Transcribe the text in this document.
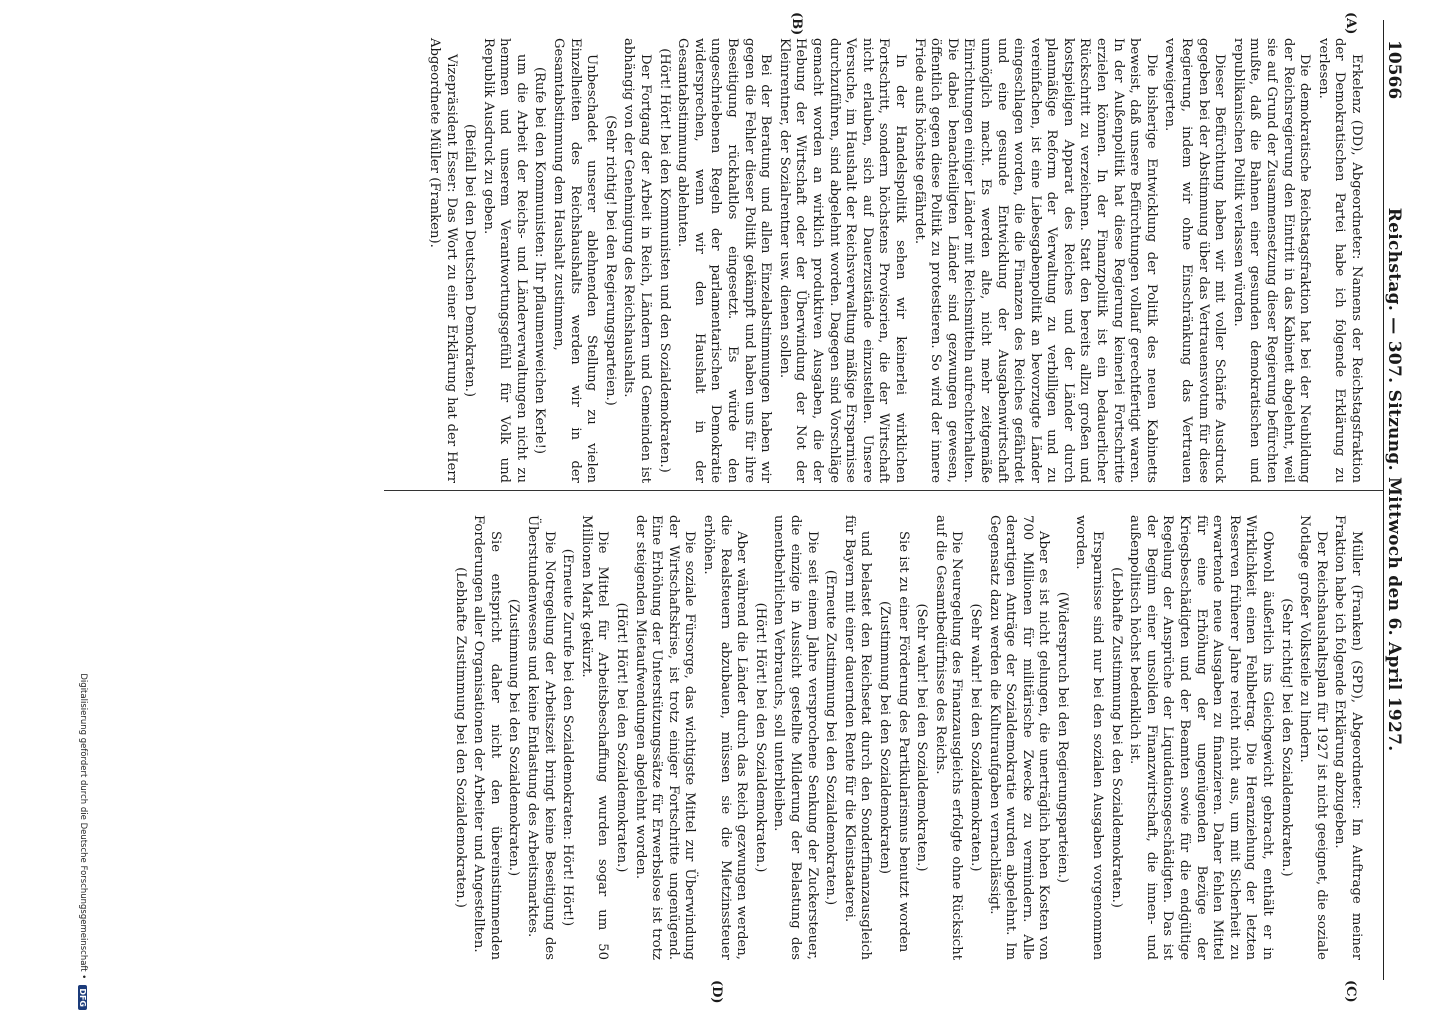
10566
Reichstag. — 307. Sitzung. Mittwoch den 6. April 1927.
(A)
(B)
(C)
(D)

Erkelenz (DD), Abgeordneter: Namens der Reichstagsfraktion der Demokratischen Partei habe ich folgende Erklärung zu verlesen.

Die demokratische Reichstagsfraktion hat bei der Neubildung der Reichsregierung den Eintritt in das Kabinett abgelehnt, weil sie auf Grund der Zusammensetzung dieser Regierung befürchten mußte, daß die Bahnen einer gesunden demokratischen und republikanischen Politik verlassen würden.

Dieser Befürchtung haben wir mit voller Schärfe Ausdruck gegeben bei der Abstimmung über das Vertrauensvotum für diese Regierung, indem wir ohne Einschränkung das Vertrauen verweigerten.

Die bisherige Entwicklung der Politik des neuen Kabinetts beweist, daß unsere Befürchtungen vollauf gerechtfertigt waren. In der Außenpolitik hat diese Regierung keinerlei Fortschritte erzielen können. In der Finanzpolitik ist ein bedauerlicher Rückschritt zu verzeichnen. Statt den bereits allzu großen und kostspieligen Apparat des Reiches und der Länder durch planmäßige Reform der Verwaltung zu verbilligen und zu vereinfachen, ist eine Liebesgabenpolitik an bevorzugte Länder eingeschlagen worden, die die Finanzen des Reiches gefährdet und eine gesunde Entwicklung der Ausgabenwirtschaft unmöglich macht. Es werden alte, nicht mehr zeitgemäße Einrichtungen einiger Länder mit Reichsmitteln aufrechterhalten. Die dabei benachteiligten Länder sind gezwungen gewesen, öffentlich gegen diese Politik zu protestieren. So wird der innere Friede aufs höchste gefährdet.

In der Handelspolitik sehen wir keinerlei wirklichen Fortschritt, sondern höchstens Provisorien, die der Wirtschaft nicht erlauben, sich auf Dauerzustände einzustellen. Unsere Versuche, im Haushalt der Reichsverwaltung mäßige Ersparnisse durchzuführen, sind abgelehnt worden. Dagegen sind Vorschläge gemacht worden an wirklich produktiven Ausgaben, die der Hebung der Wirtschaft oder der Überwindung der Not der Kleinrentner, der Sozialrentner usw. dienen sollen.

Bei der Beratung und allen Einzelabstimmungen haben wir gegen die Fehler dieser Politik gekämpft und haben uns für ihre Beseitigung rückhaltlos eingesetzt. Es würde den ungeschriebenen Regeln der parlamentarischen Demokratie widersprechen, wenn wir den Haushalt in der Gesamtabstimmung ablehnten.

(Hört! Hört! bei den Kommunisten und den Sozialdemokraten.)

Der Fortgang der Arbeit in Reich, Ländern und Gemeinden ist abhängig von der Genehmigung des Reichshaushalts.

(Sehr richtig! bei den Regierungsparteien.)

Unbeschadet unserer ablehnenden Stellung zu vielen Einzelheiten des Reichshaushalts werden wir in der Gesamtabstimmung dem Haushalt zustimmen,

(Rufe bei den Kommunisten: Ihr pflaumenweichen Kerle!)

um die Arbeit der Reichs- und Länderverwaltungen nicht zu hemmen und unserem Verantwortungsgefühl für Volk und Republik Ausdruck zu geben.

(Beifall bei den Deutschen Demokraten.)

Vizepräsident Esser: Das Wort zu einer Erklärung hat der Herr Abgeordnete Müller (Franken).

Müller (Franken) (SPD), Abgeordneter: Im Auftrage meiner Fraktion habe ich folgende Erklärung abzugeben.

Der Reichshaushaltsplan für 1927 ist nicht geeignet, die soziale Notlage großer Volksteile zu lindern.

(Sehr richtig! bei den Sozialdemokraten.)

Obwohl äußerlich ins Gleichgewicht gebracht, enthält er in Wirklichkeit einen Fehlbetrag. Die Heranziehung der letzten Reserven früherer Jahre reicht nicht aus, um mit Sicherheit zu erwartende neue Ausgaben zu finanzieren. Daher fehlen Mittel für eine Erhöhung der ungenügenden Bezüge der Kriegsbeschädigten und der Beamten sowie für die endgültige Regelung der Ansprüche der Liquidationsgeschädigten. Das ist der Beginn einer unsoliden Finanzwirtschaft, die innen- und außenpolitisch höchst bedenklich ist.

(Lebhafte Zustimmung bei den Sozialdemokraten.)

Ersparnisse sind nur bei den sozialen Ausgaben vorgenommen worden.

(Widerspruch bei den Regierungsparteien.)

Aber es ist nicht gelungen, die unerträglich hohen Kosten von 700 Millionen für militärische Zwecke zu vermindern. Alle derartigen Anträge der Sozialdemokratie wurden abgelehnt. Im Gegensatz dazu werden die Kulturaufgaben vernachlässigt.

(Sehr wahr! bei den Sozialdemokraten.)

Die Neuregelung des Finanzausgleichs erfolgte ohne Rücksicht auf die Gesamtbedürfnisse des Reichs.

(Sehr wahr! bei den Sozialdemokraten.)

Sie ist zu einer Förderung des Partikularismus benutzt worden

(Zustimmung bei den Sozialdemokraten)

und belastet den Reichsetat durch den Sonderfinanzausgleich für Bayern mit einer dauernden Rente für die Kleinstaaterei.

(Erneute Zustimmung bei den Sozialdemokraten.)

Die seit einem Jahre versprochene Senkung der Zuckersteuer, die einzige in Aussicht gestellte Milderung der Belastung des unentbehrlichen Verbrauchs, soll unterbleiben.

(Hört! Hört! bei den Sozialdemokraten.)

Aber während die Länder durch das Reich gezwungen werden, die Realsteuern abzubauen, müssen sie die Mietzinssteuer erhöhen.

Die soziale Fürsorge, das wichtigste Mittel zur Überwindung der Wirtschaftskrise, ist trotz einiger Fortschritte ungenügend. Eine Erhöhung der Unterstützungssätze für Erwerbslose ist trotz der steigenden Mietaufwendungen abgelehnt worden.

(Hört! Hört! bei den Sozialdemokraten.)

Die Mittel für Arbeitsbeschaffung wurden sogar um 50 Millionen Mark gekürzt.

(Erneute Zurufe bei den Sozialdemokraten: Hört! Hört!)

Die Notregelung der Arbeitszeit bringt keine Beseitigung des Überstundenwesens und keine Entlastung des Arbeitsmarktes.

(Zustimmung bei den Sozialdemokraten.)

Sie entspricht daher nicht den übereinstimmenden Forderungen aller Organisationen der Arbeiter und Angestellten.

(Lebhafte Zustimmung bei den Sozialdemokraten.)

Digitalisierung gefördert durch die Deutsche Forschungsgemeinschaft •
DFG
